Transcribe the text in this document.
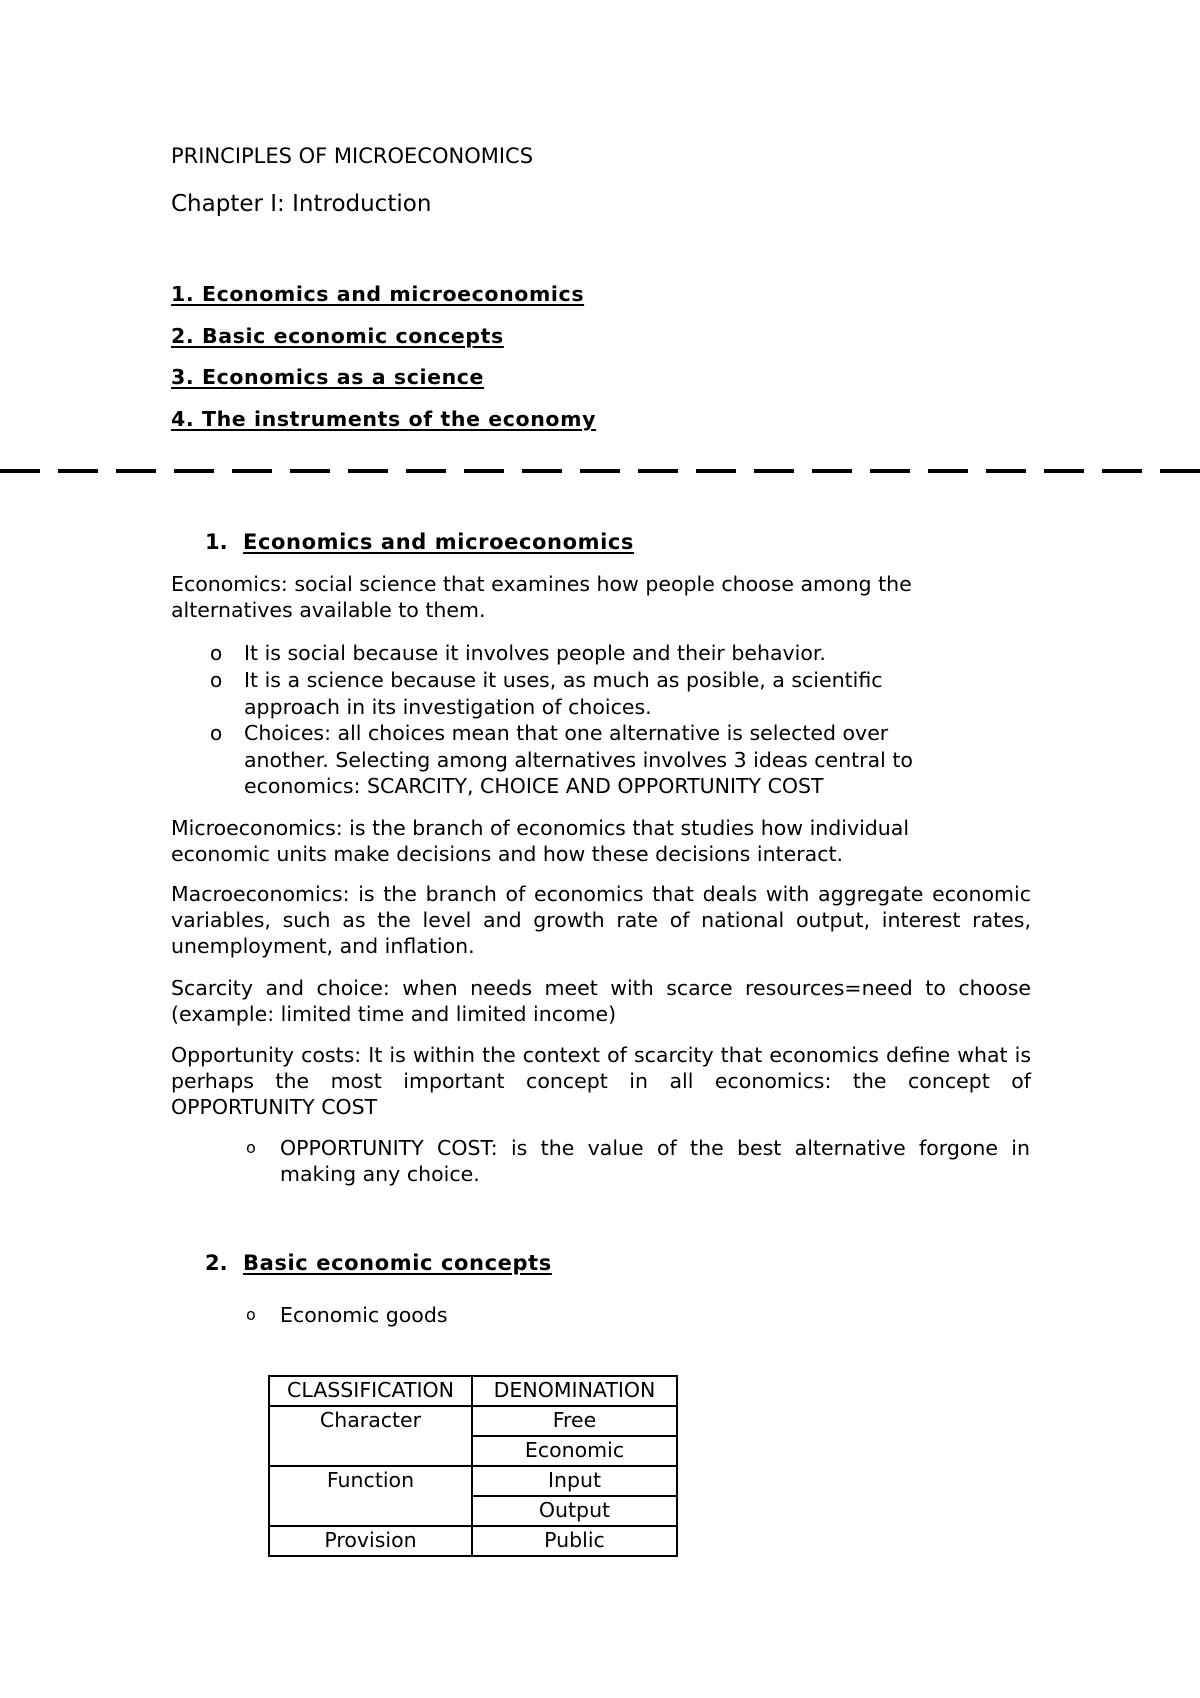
PRINCIPLES OF MICROECONOMICS
Chapter I: Introduction
1. Economics and microeconomics
2. Basic economic concepts
3. Economics as a science
4. The instruments of the economy
1. Economics and microeconomics
Economics: social science that examines how people choose among the alternatives available to them.
o It is social because it involves people and their behavior.
o It is a science because it uses, as much as posible, a scientific approach in its investigation of choices.
o Choices: all choices mean that one alternative is selected over another. Selecting among alternatives involves 3 ideas central to economics: SCARCITY, CHOICE AND OPPORTUNITY COST
Microeconomics: is the branch of economics that studies how individual economic units make decisions and how these decisions interact.
Macroeconomics: is the branch of economics that deals with aggregate economic variables, such as the level and growth rate of national output, interest rates, unemployment, and inflation.
Scarcity and choice: when needs meet with scarce resources=need to choose (example: limited time and limited income)
Opportunity costs: It is within the context of scarcity that economics define what is perhaps the most important concept in all economics: the concept of OPPORTUNITY COST
o OPPORTUNITY COST: is the value of the best alternative forgone in making any choice.
2. Basic economic concepts
o Economic goods
CLASSIFICATION	DENOMINATION
Character	Free
	Economic
Function	Input
	Output
Provision	Public
